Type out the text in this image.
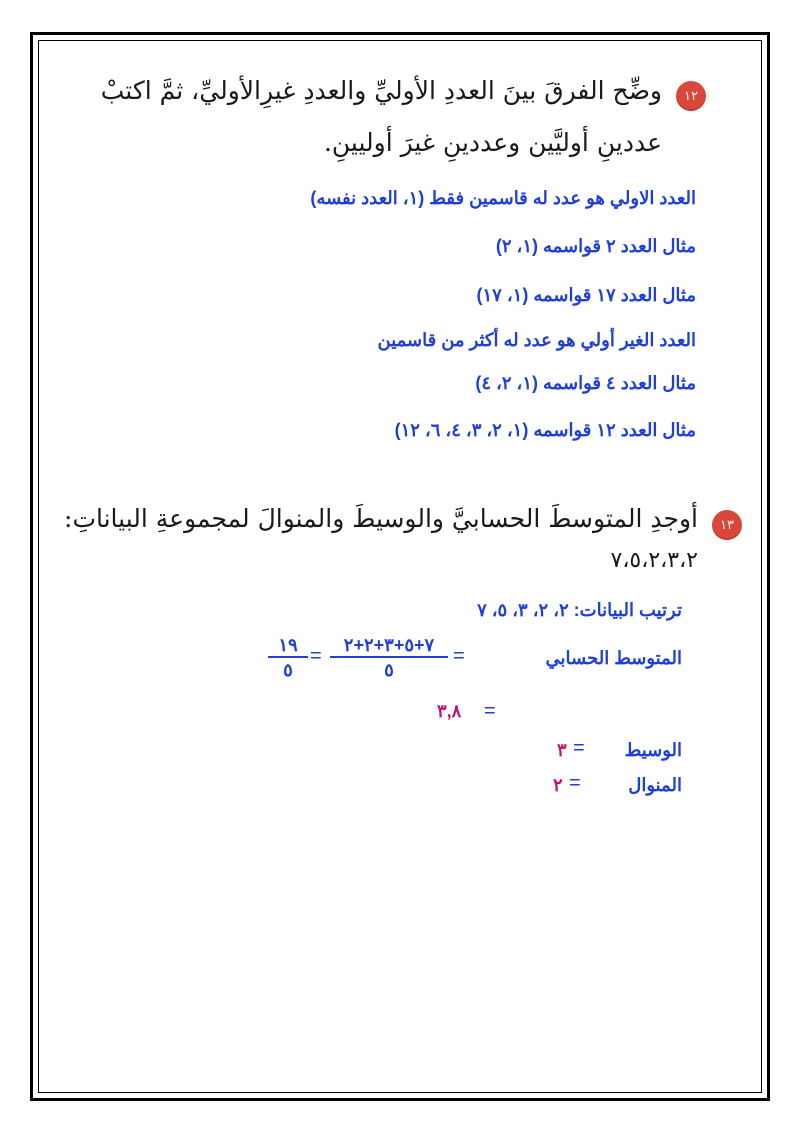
١٢
وضِّح الفرقَ بينَ العددِ الأوليِّ والعددِ غيرِالأوليِّ، ثمَّ اكتبْ
عددينِ أوليَّين وعددينِ غيرَ أوليينِ.
العدد الاولي هو عدد له قاسمين فقط (١، العدد نفسه)
مثال العدد ٢ قواسمه (١، ٢)
مثال العدد ١٧ قواسمه (١، ١٧)
العدد الغير أولي هو عدد له أكثر من قاسمين
مثال العدد ٤ قواسمه (١، ٢، ٤)
مثال العدد ١٢ قواسمه (١، ٢، ٣، ٤، ٦، ١٢)
١٣
أوجدِ المتوسطَ الحسابيَّ والوسيطَ والمنوالَ لمجموعةِ البياناتِ:
٧،٥،٢،٣،٢
ترتيب البيانات: ٢، ٢، ٣، ٥، ٧
المتوسط الحسابي
=
٧+٥+٣+٢+٢
٥
=
١٩
٥
=
٣,٨
الوسيط
=
٣
المنوال
=
٢
